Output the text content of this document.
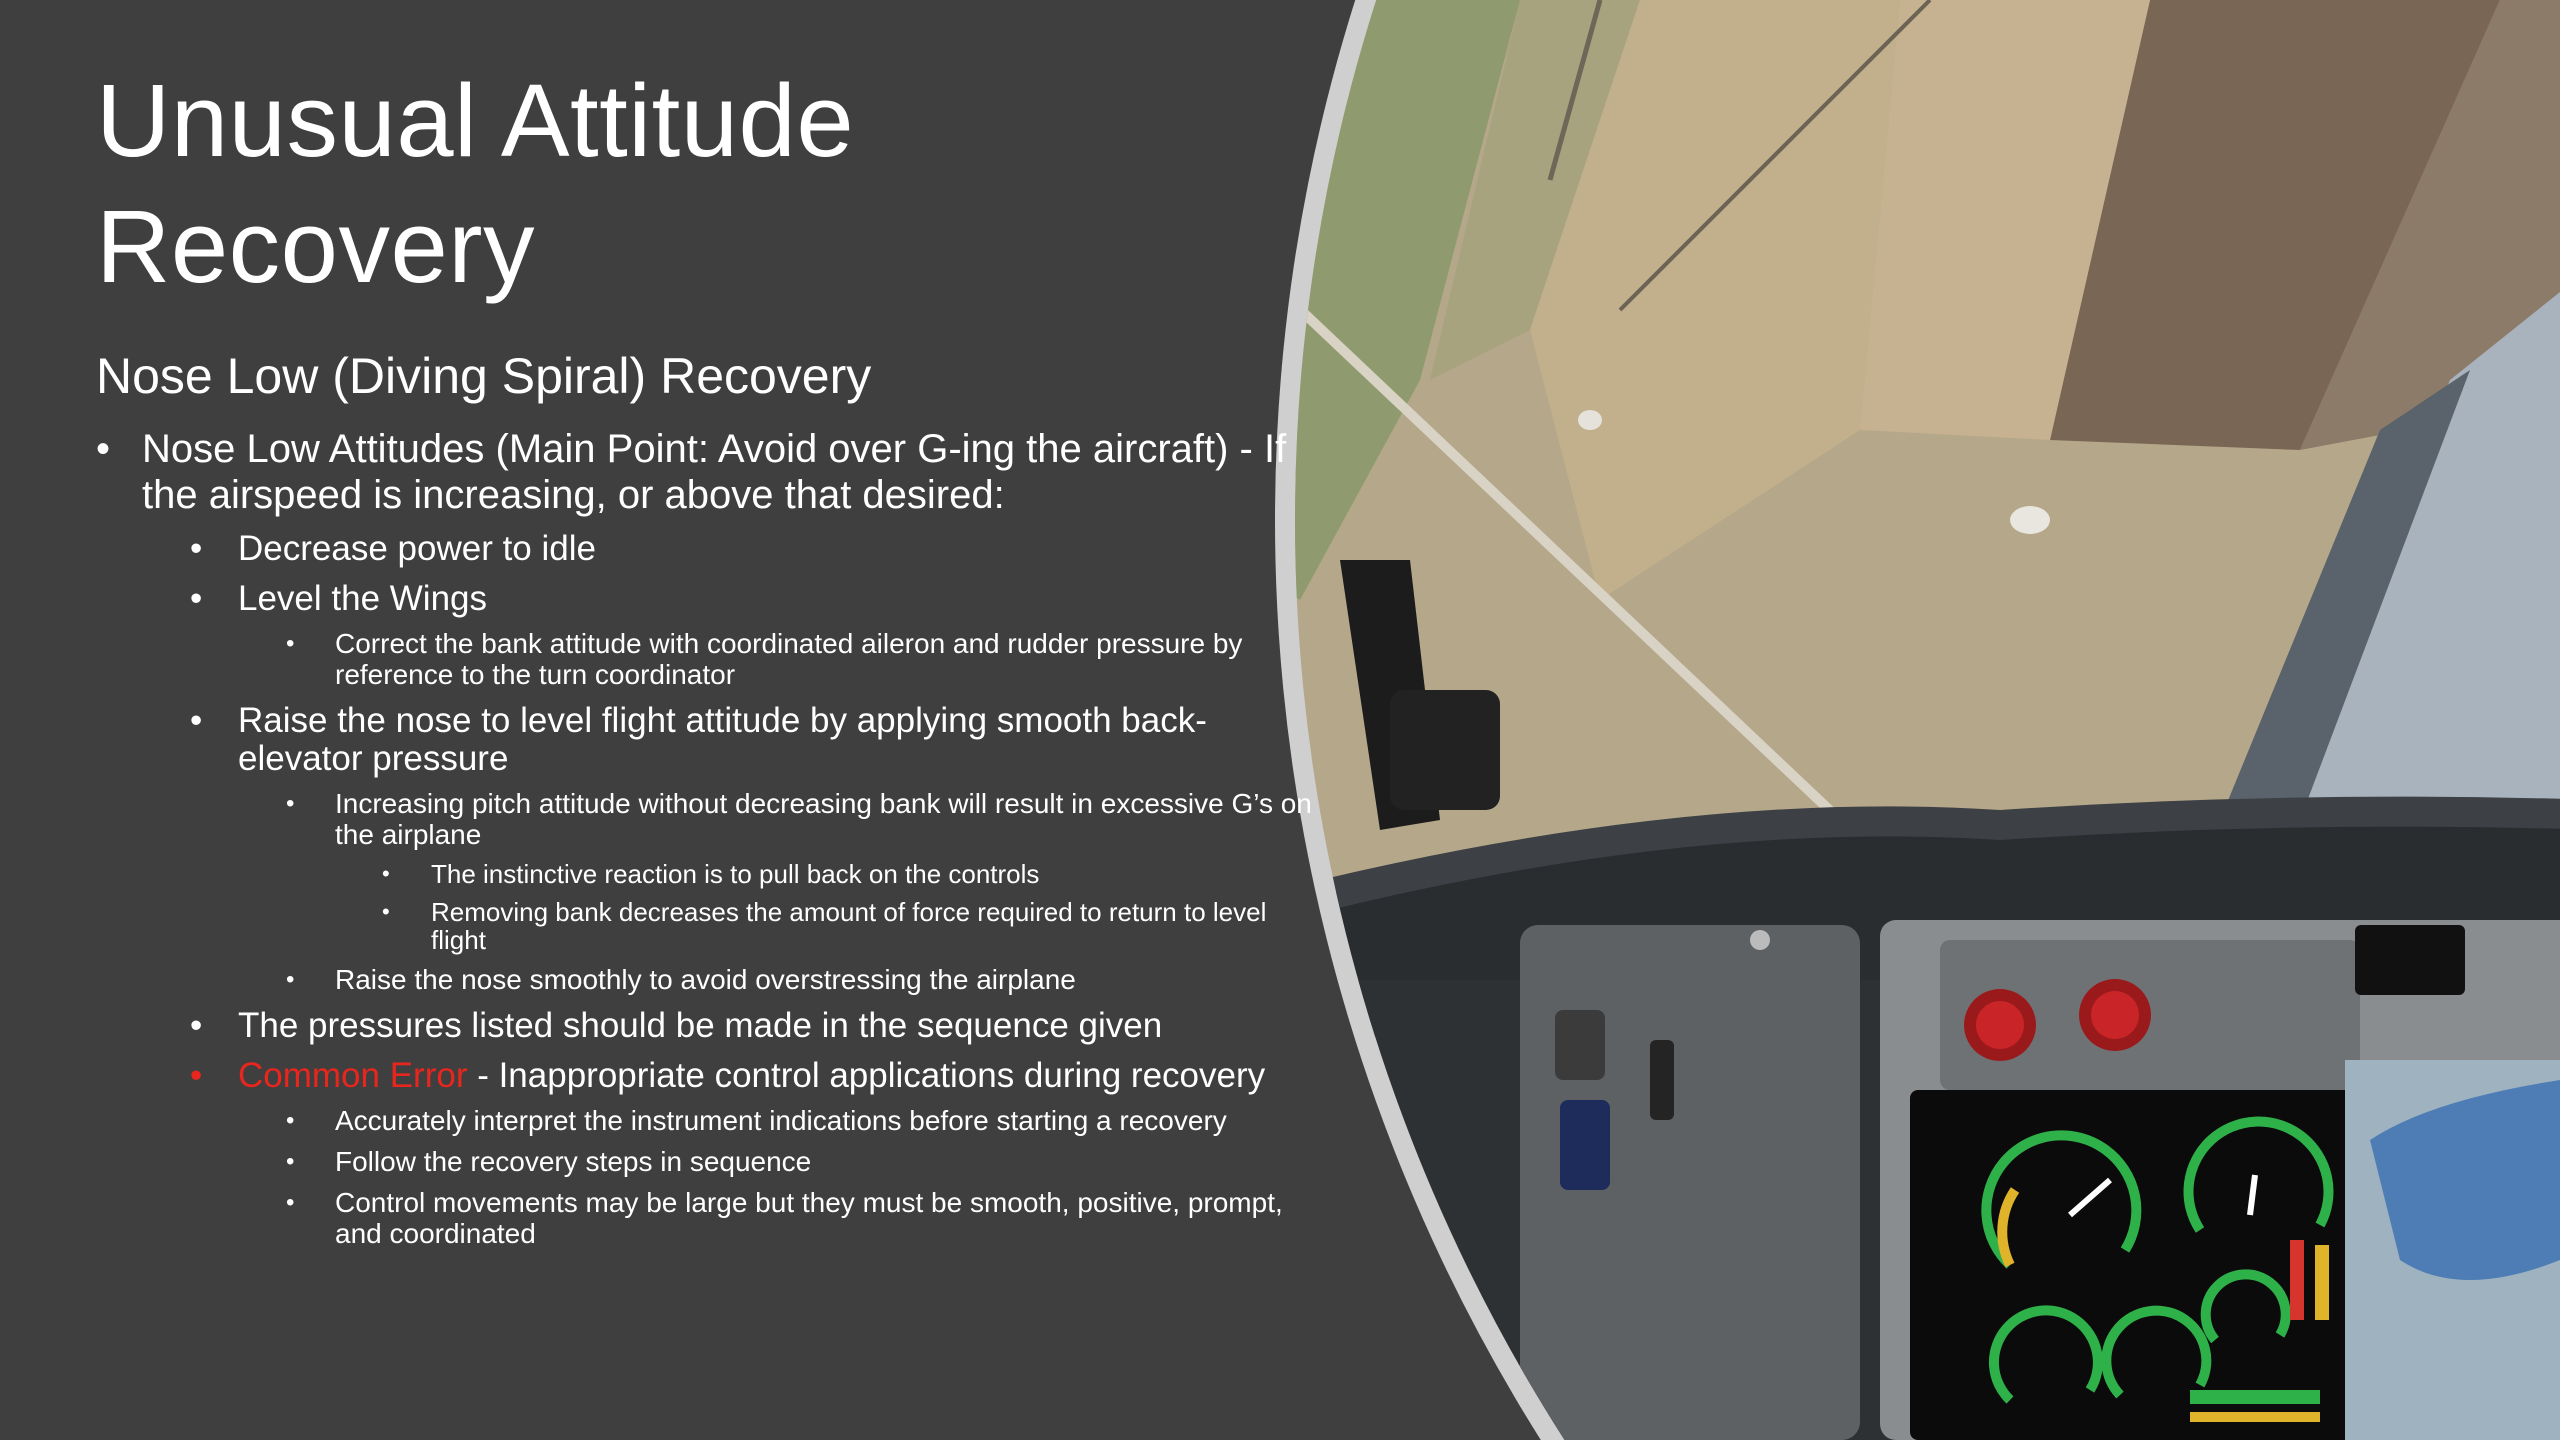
Unusual Attitude
Recovery
Nose Low (Diving Spiral) Recovery
• Nose Low Attitudes (Main Point: Avoid over G-ing the aircraft) - If the airspeed is increasing, or above that desired:
• Decrease power to idle
• Level the Wings
• Correct the bank attitude with coordinated aileron and rudder pressure by reference to the turn coordinator
• Raise the nose to level flight attitude by applying smooth back-elevator pressure
• Increasing pitch attitude without decreasing bank will result in excessive G’s on the airplane
• The instinctive reaction is to pull back on the controls
• Removing bank decreases the amount of force required to return to level flight
• Raise the nose smoothly to avoid overstressing the airplane
• The pressures listed should be made in the sequence given
• Common Error - Inappropriate control applications during recovery
• Accurately interpret the instrument indications before starting a recovery
• Follow the recovery steps in sequence
• Control movements may be large but they must be smooth, positive, prompt, and coordinated
